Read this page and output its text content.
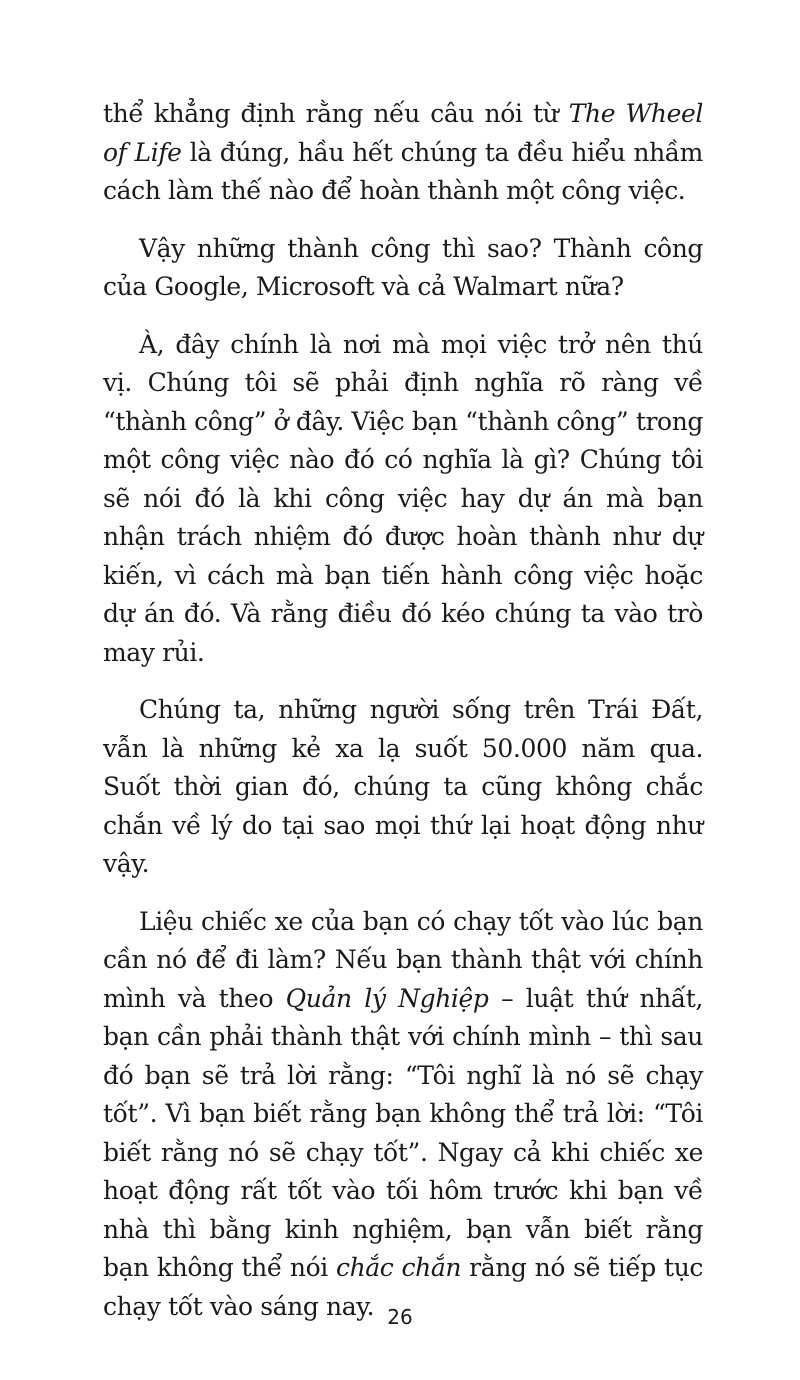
thể khẳng định rằng nếu câu nói từ The Wheel of Life là đúng, hầu hết chúng ta đều hiểu nhầm cách làm thế nào để hoàn thành một công việc.

Vậy những thành công thì sao? Thành công của Google, Microsoft và cả Walmart nữa?

À, đây chính là nơi mà mọi việc trở nên thú vị. Chúng tôi sẽ phải định nghĩa rõ ràng về “thành công” ở đây. Việc bạn “thành công” trong một công việc nào đó có nghĩa là gì? Chúng tôi sẽ nói đó là khi công việc hay dự án mà bạn nhận trách nhiệm đó được hoàn thành như dự kiến, vì cách mà bạn tiến hành công việc hoặc dự án đó. Và rằng điều đó kéo chúng ta vào trò may rủi.

Chúng ta, những người sống trên Trái Đất, vẫn là những kẻ xa lạ suốt 50.000 năm qua. Suốt thời gian đó, chúng ta cũng không chắc chắn về lý do tại sao mọi thứ lại hoạt động như vậy.

Liệu chiếc xe của bạn có chạy tốt vào lúc bạn cần nó để đi làm? Nếu bạn thành thật với chính mình và theo Quản lý Nghiệp – luật thứ nhất, bạn cần phải thành thật với chính mình – thì sau đó bạn sẽ trả lời rằng: “Tôi nghĩ là nó sẽ chạy tốt”. Vì bạn biết rằng bạn không thể trả lời: “Tôi biết rằng nó sẽ chạy tốt”. Ngay cả khi chiếc xe hoạt động rất tốt vào tối hôm trước khi bạn về nhà thì bằng kinh nghiệm, bạn vẫn biết rằng bạn không thể nói chắc chắn rằng nó sẽ tiếp tục chạy tốt vào sáng nay. 26
